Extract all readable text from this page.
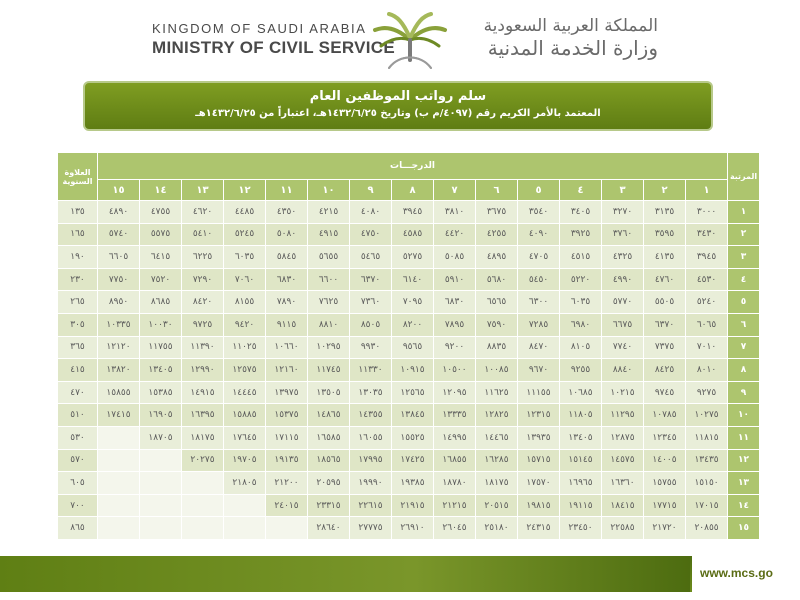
KINGDOM OF SAUDI ARABIA
MINISTRY OF CIVIL SERVICE
المملكة العربية السعودية
وزارة الخدمة المدنية
سلم رواتب الموظفين العام
المعتمد بالأمر الكريم رقم (٤٠٩٧/م ب) وتاريخ ١٤٣٢/٦/٢٥هـ، اعتباراً من ١٤٣٢/٦/٢٥هـ
العلاوة السنوية	الدرجـــات															المرتبة
	١٥	١٤	١٣	١٢	١١	١٠	٩	٨	٧	٦	٥	٤	٣	٢	١	
١٣٥	٤٨٩٠	٤٧٥٥	٤٦٢٠	٤٤٨٥	٤٣٥٠	٤٢١٥	٤٠٨٠	٣٩٤٥	٣٨١٠	٣٦٧٥	٣٥٤٠	٣٤٠٥	٣٢٧٠	٣١٣٥	٣٠٠٠	١
١٦٥	٥٧٤٠	٥٥٧٥	٥٤١٠	٥٢٤٥	٥٠٨٠	٤٩١٥	٤٧٥٠	٤٥٨٥	٤٤٢٠	٤٢٥٥	٤٠٩٠	٣٩٢٥	٣٧٦٠	٣٥٩٥	٣٤٣٠	٢
١٩٠	٦٦٠٥	٦٤١٥	٦٢٢٥	٦٠٣٥	٥٨٤٥	٥٦٥٥	٥٤٦٥	٥٢٧٥	٥٠٨٥	٤٨٩٥	٤٧٠٥	٤٥١٥	٤٣٢٥	٤١٣٥	٣٩٤٥	٣
٢٣٠	٧٧٥٠	٧٥٢٠	٧٢٩٠	٧٠٦٠	٦٨٣٠	٦٦٠٠	٦٣٧٠	٦١٤٠	٥٩١٠	٥٦٨٠	٥٤٥٠	٥٢٢٠	٤٩٩٠	٤٧٦٠	٤٥٣٠	٤
٢٦٥	٨٩٥٠	٨٦٨٥	٨٤٢٠	٨١٥٥	٧٨٩٠	٧٦٢٥	٧٣٦٠	٧٠٩٥	٦٨٣٠	٦٥٦٥	٦٣٠٠	٦٠٣٥	٥٧٧٠	٥٥٠٥	٥٢٤٠	٥
٣٠٥	١٠٣٣٥	١٠٠٣٠	٩٧٢٥	٩٤٢٠	٩١١٥	٨٨١٠	٨٥٠٥	٨٢٠٠	٧٨٩٥	٧٥٩٠	٧٢٨٥	٦٩٨٠	٦٦٧٥	٦٣٧٠	٦٠٦٥	٦
٣٦٥	١٢١٢٠	١١٧٥٥	١١٣٩٠	١١٠٢٥	١٠٦٦٠	١٠٢٩٥	٩٩٣٠	٩٥٦٥	٩٢٠٠	٨٨٣٥	٨٤٧٠	٨١٠٥	٧٧٤٠	٧٣٧٥	٧٠١٠	٧
٤١٥	١٣٨٢٠	١٣٤٠٥	١٢٩٩٠	١٢٥٧٥	١٢١٦٠	١١٧٤٥	١١٣٣٠	١٠٩١٥	١٠٥٠٠	١٠٠٨٥	٩٦٧٠	٩٢٥٥	٨٨٤٠	٨٤٢٥	٨٠١٠	٨
٤٧٠	١٥٨٥٥	١٥٣٨٥	١٤٩١٥	١٤٤٤٥	١٣٩٧٥	١٣٥٠٥	١٣٠٣٥	١٢٥٦٥	١٢٠٩٥	١١٦٢٥	١١١٥٥	١٠٦٨٥	١٠٢١٥	٩٧٤٥	٩٢٧٥	٩
٥١٠	١٧٤١٥	١٦٩٠٥	١٦٣٩٥	١٥٨٨٥	١٥٣٧٥	١٤٨٦٥	١٤٣٥٥	١٣٨٤٥	١٣٣٣٥	١٢٨٢٥	١٢٣١٥	١١٨٠٥	١١٢٩٥	١٠٧٨٥	١٠٢٧٥	١٠
٥٣٠		١٨٧٠٥	١٨١٧٥	١٧٦٤٥	١٧١١٥	١٦٥٨٥	١٦٠٥٥	١٥٥٢٥	١٤٩٩٥	١٤٤٦٥	١٣٩٣٥	١٣٤٠٥	١٢٨٧٥	١٢٣٤٥	١١٨١٥	١١
٥٧٠			٢٠٢٧٥	١٩٧٠٥	١٩١٣٥	١٨٥٦٥	١٧٩٩٥	١٧٤٢٥	١٦٨٥٥	١٦٢٨٥	١٥٧١٥	١٥١٤٥	١٤٥٧٥	١٤٠٠٥	١٣٤٣٥	١٢
٦٠٥				٢١٨٠٥	٢١٢٠٠	٢٠٥٩٥	١٩٩٩٠	١٩٣٨٥	١٨٧٨٠	١٨١٧٥	١٧٥٧٠	١٦٩٦٥	١٦٣٦٠	١٥٧٥٥	١٥١٥٠	١٣
٧٠٠					٢٤٠١٥	٢٣٣١٥	٢٢٦١٥	٢١٩١٥	٢١٢١٥	٢٠٥١٥	١٩٨١٥	١٩١١٥	١٨٤١٥	١٧٧١٥	١٧٠١٥	١٤
٨٦٥						٢٨٦٤٠	٢٧٧٧٥	٢٦٩١٠	٢٦٠٤٥	٢٥١٨٠	٢٤٣١٥	٢٣٤٥٠	٢٢٥٨٥	٢١٧٢٠	٢٠٨٥٥	١٥
www.mcs.go
